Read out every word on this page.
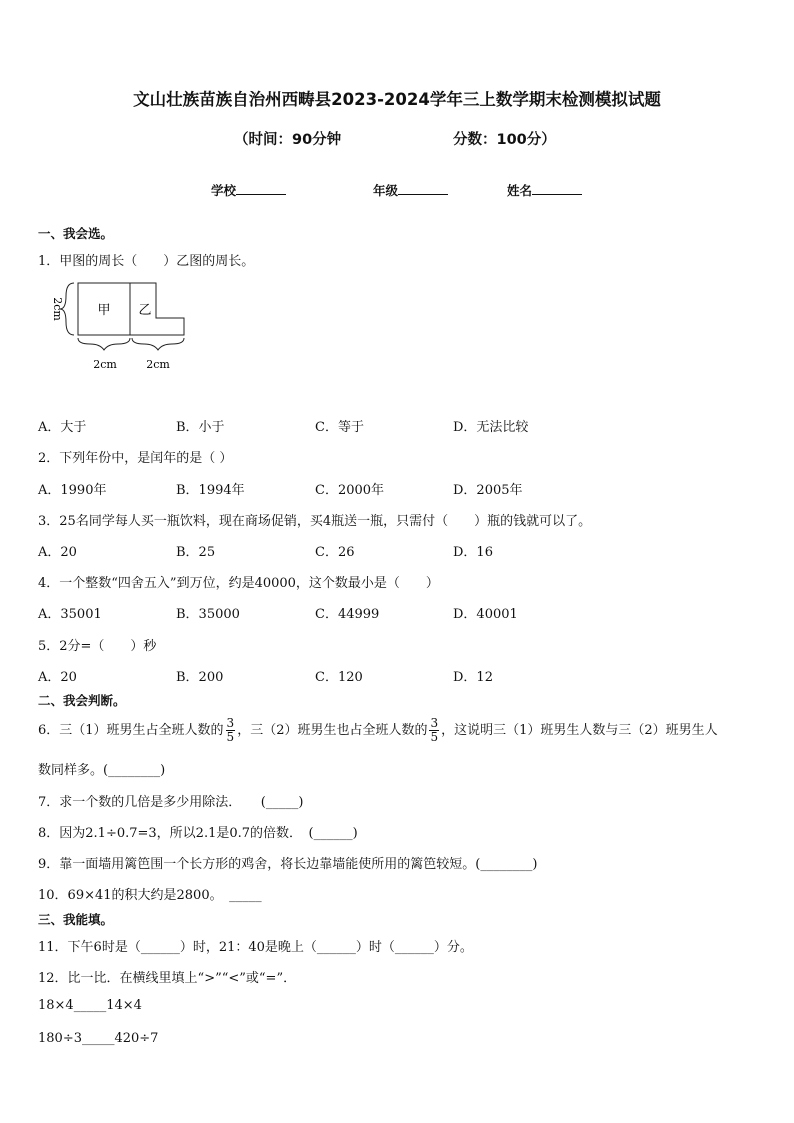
文山壮族苗族自治州西畴县2023-2024学年三上数学期末检测模拟试题
（时间：90分钟	分数：100分）
学校	年级	姓名
一、我会选。
1．甲图的周长（　　）乙图的周长。
甲 乙
2cm
2cm	2cm
A．大于	B．小于	C．等于	D．无法比较
2．下列年份中，是闰年的是（ ）
A．1990年	B．1994年	C．2000年	D．2005年
3．25名同学每人买一瓶饮料，现在商场促销，买4瓶送一瓶，只需付（　　）瓶的钱就可以了。
A．20	B．25	C．26	D．16
4．一个整数“四舍五入”到万位，约是40000，这个数最小是（　　）
A．35001	B．35000	C．44999	D．40001
5．2分=（　　）秒
A．20	B．200	C．120	D．12
二、我会判断。
6．三（1）班男生占全班人数的 $\frac{3}{5}$ ，三（2）班男生也占全班人数的 $\frac{3}{5}$ ，这说明三（1）班男生人数与三（2）班男生人
数同样多。(________)
7．求一个数的几倍是多少用除法．　　(_____)
8．因为2.1÷0.7=3，所以2.1是0.7的倍数．　(______)
9．靠一面墙用篱笆围一个长方形的鸡舍，将长边靠墙能使所用的篱笆较短。(________)
10．69×41的积大约是2800。　_____
三、我能填。
11．下午6时是（______）时，21：40是晚上（______）时（______）分。
12．比一比．在横线里填上“>”“<”或“=”．
18×4_____14×4
180÷3_____420÷7
